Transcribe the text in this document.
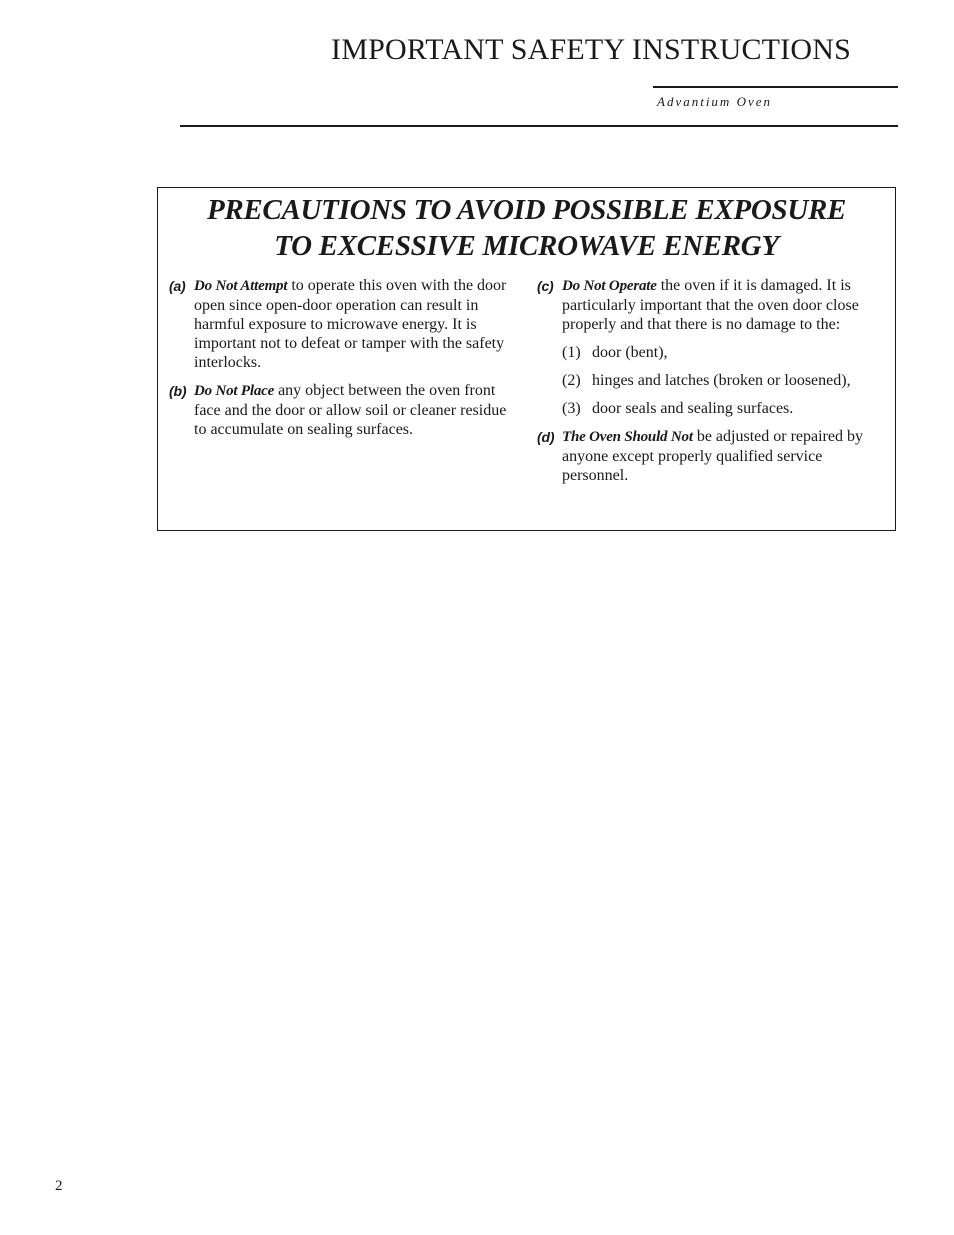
IMPORTANT SAFETY INSTRUCTIONS
Advantium Oven
PRECAUTIONS TO AVOID POSSIBLE EXPOSURE
TO EXCESSIVE MICROWAVE ENERGY
(a) Do Not Attempt to operate this oven with the door open since open-door operation can result in harmful exposure to microwave energy. It is important not to defeat or tamper with the safety interlocks.
(b) Do Not Place any object between the oven front face and the door or allow soil or cleaner residue to accumulate on sealing surfaces.
(c) Do Not Operate the oven if it is damaged. It is particularly important that the oven door close properly and that there is no damage to the:
(1) door (bent),
(2) hinges and latches (broken or loosened),
(3) door seals and sealing surfaces.
(d) The Oven Should Not be adjusted or repaired by anyone except properly qualified service personnel.
2
